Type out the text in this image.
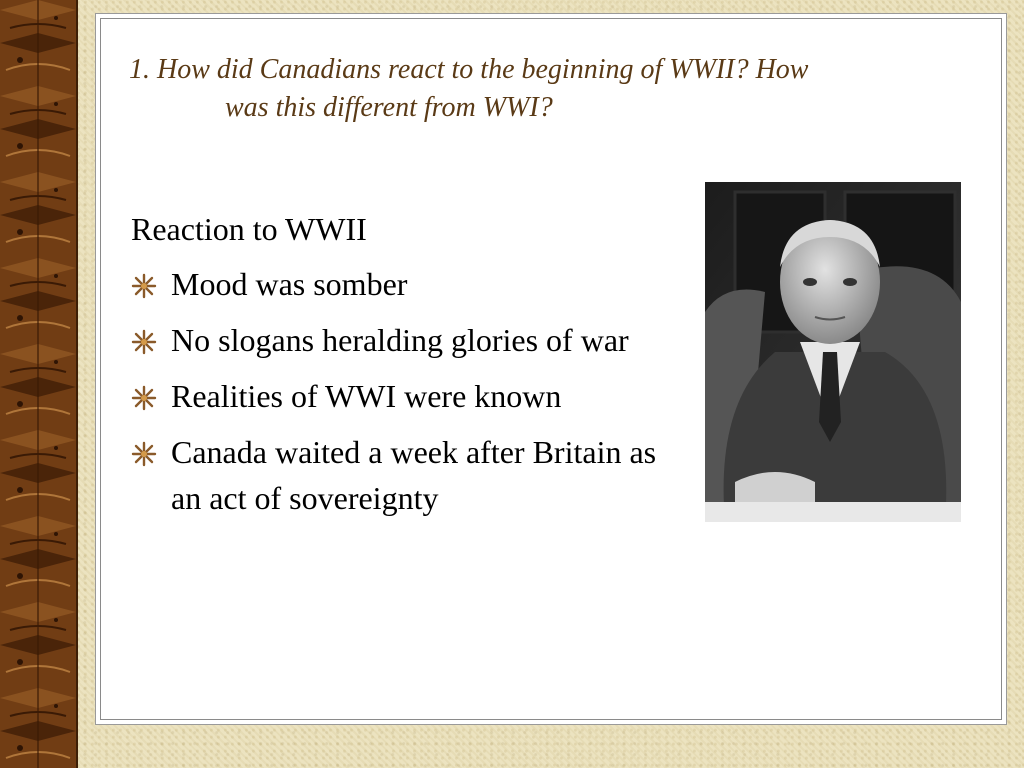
1. How did Canadians react to the beginning of WWII? How
was this different from WWI?

Reaction to WWII

Mood was somber
No slogans heralding glories of war
Realities of WWI were known
Canada waited a week after Britain as an act of sovereignty
